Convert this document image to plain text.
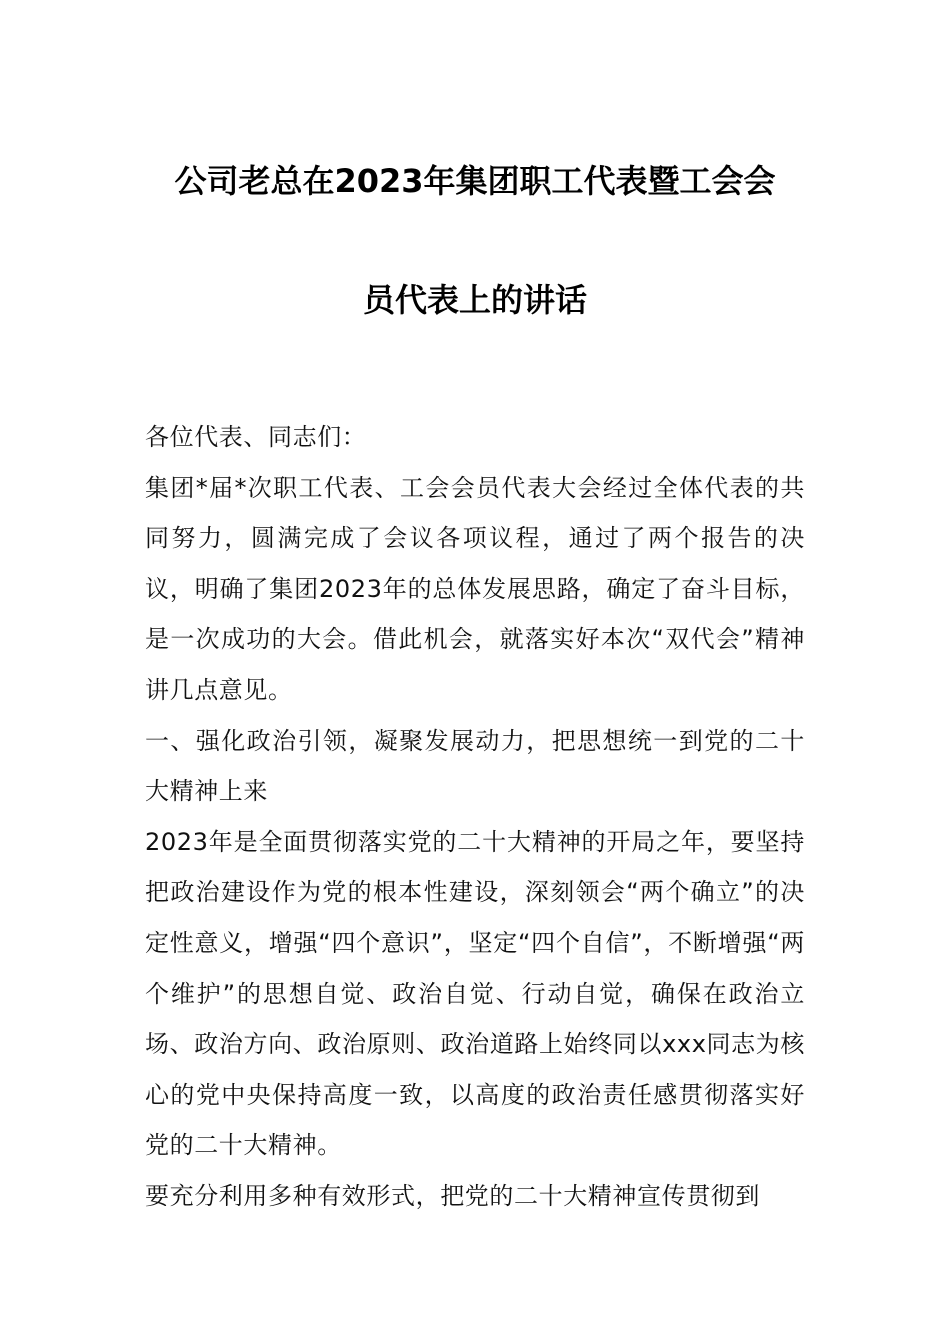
公司老总在2023年集团职工代表暨工会会
员代表上的讲话

各位代表、同志们：

集团*届*次职工代表、工会会员代表大会经过全体代表的共同努力，圆满完成了会议各项议程，通过了两个报告的决议，明确了集团2023年的总体发展思路，确定了奋斗目标，是一次成功的大会。借此机会，就落实好本次“双代会”精神讲几点意见。

一、强化政治引领，凝聚发展动力，把思想统一到党的二十大精神上来

2023年是全面贯彻落实党的二十大精神的开局之年，要坚持把政治建设作为党的根本性建设，深刻领会“两个确立”的决定性意义，增强“四个意识”，坚定“四个自信”，不断增强“两个维护”的思想自觉、政治自觉、行动自觉，确保在政治立场、政治方向、政治原则、政治道路上始终同以xxx同志为核心的党中央保持高度一致，以高度的政治责任感贯彻落实好党的二十大精神。

要充分利用多种有效形式，把党的二十大精神宣传贯彻到
